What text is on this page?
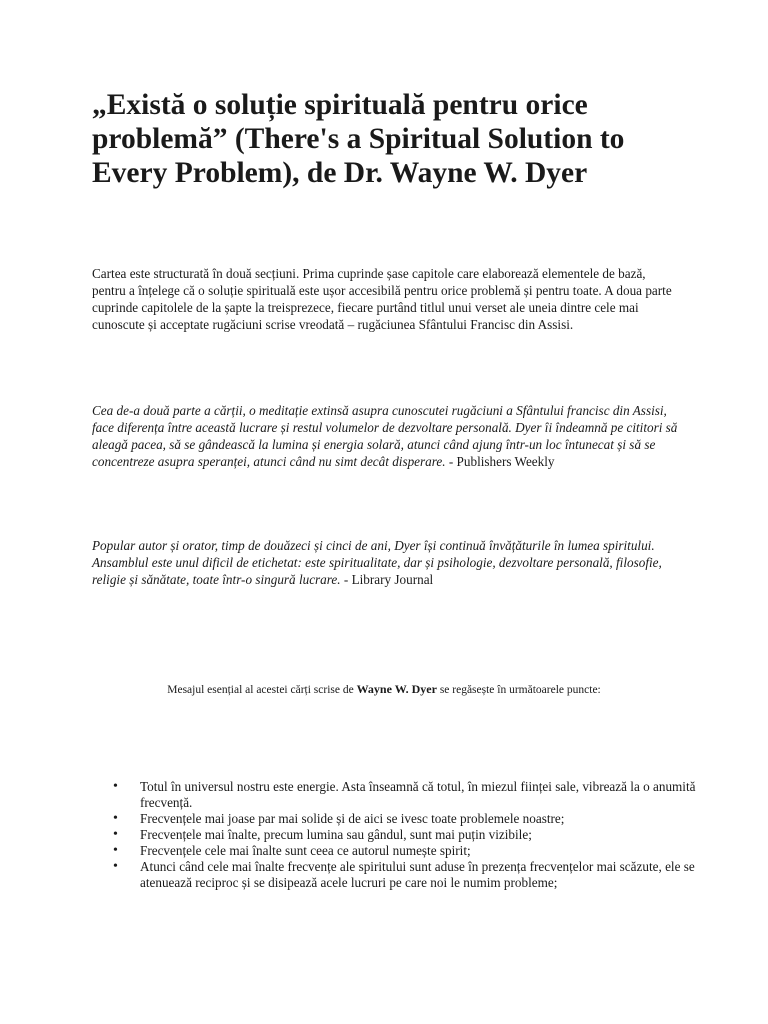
„Există o soluție spirituală pentru orice problemă” (There's a Spiritual Solution to Every Problem), de Dr. Wayne W. Dyer

Cartea este structurată în două secțiuni. Prima cuprinde șase capitole care elaborează elementele de bază, pentru a înțelege că o soluție spirituală este ușor accesibilă pentru orice problemă și pentru toate. A doua parte cuprinde capitolele de la șapte la treisprezece, fiecare purtând titlul unui verset ale uneia dintre cele mai cunoscute și acceptate rugăciuni scrise vreodată – rugăciunea Sfântului Francisc din Assisi.

Cea de-a două parte a cărții, o meditație extinsă asupra cunoscutei rugăciuni a Sfântului francisc din Assisi, face diferența între această lucrare și restul volumelor de dezvoltare personală. Dyer îi îndeamnă pe cititori să aleagă pacea, să se gândească la lumina și energia solară, atunci când ajung într-un loc întunecat și să se concentreze asupra speranței, atunci când nu simt decât disperare. - Publishers Weekly

Popular autor și orator, timp de douăzeci și cinci de ani, Dyer își continuă învățăturile în lumea spiritului. Ansamblul este unul dificil de etichetat: este spiritualitate, dar și psihologie, dezvoltare personală, filosofie, religie și sănătate, toate într-o singură lucrare. - Library Journal

Mesajul esențial al acestei cărți scrise de Wayne W. Dyer se regăsește în următoarele puncte:

• Totul în universul nostru este energie. Asta înseamnă că totul, în miezul ființei sale, vibrează la o anumită frecvență.
• Frecvențele mai joase par mai solide și de aici se ivesc toate problemele noastre;
• Frecvențele mai înalte, precum lumina sau gândul, sunt mai puțin vizibile;
• Frecvențele cele mai înalte sunt ceea ce autorul numește spirit;
• Atunci când cele mai înalte frecvențe ale spiritului sunt aduse în prezența frecvențelor mai scăzute, ele se atenuează reciproc și se disipează acele lucruri pe care noi le numim probleme;
